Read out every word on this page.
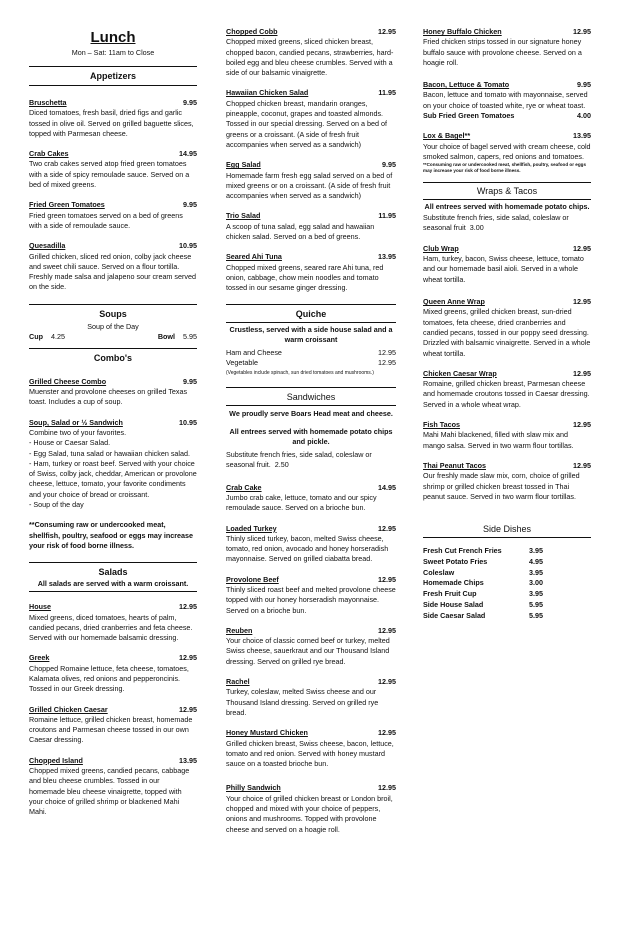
Lunch
Mon – Sat: 11am to Close
Appetizers
Bruschetta	9.95
Diced tomatoes, fresh basil, dried figs and garlic tossed in olive oil. Served on grilled baguette slices, topped with Parmesan cheese.
Crab Cakes	14.95
Two crab cakes served atop fried green tomatoes with a side of spicy remoulade sauce. Served on a bed of mixed greens.
Fried Green Tomatoes	9.95
Fried green tomatoes served on a bed of greens with a side of remoulade sauce.
Quesadilla	10.95
Grilled chicken, sliced red onion, colby jack cheese and sweet chili sauce. Served on a flour tortilla. Freshly made salsa and jalapeno sour cream served on the side.
Soups
Soup of the Day
Cup 4.25	Bowl 5.95
Combo's
Grilled Cheese Combo	9.95
Muenster and provolone cheeses on grilled Texas toast. Includes a cup of soup.
Soup, Salad or ½ Sandwich	10.95
Combine two of your favorites.
- House or Caesar Salad.
- Egg Salad, tuna salad or hawaiian chicken salad.
- Ham, turkey or roast beef. Served with your choice of Swiss, colby jack, cheddar, American or provolone cheese, lettuce, tomato, your favorite condiments and your choice of bread or croissant.
- Soup of the day
**Consuming raw or undercooked meat, shellfish, poultry, seafood or eggs may increase your risk of food borne illness.
Salads
All salads are served with a warm croissant.
House	12.95
Mixed greens, diced tomatoes, hearts of palm, candied pecans, dried cranberries and feta cheese. Served with our homemade balsamic dressing.
Greek	12.95
Chopped Romaine lettuce, feta cheese, tomatoes, Kalamata olives, red onions and pepperoncinis. Tossed in our Greek dressing.
Grilled Chicken Caesar	12.95
Romaine lettuce, grilled chicken breast, homemade croutons and Parmesan cheese tossed in our own Caesar dressing.
Chopped Island	13.95
Chopped mixed greens, candied pecans, cabbage and bleu cheese crumbles. Tossed in our homemade bleu cheese vinaigrette, topped with your choice of grilled shrimp or blackened Mahi Mahi.
Chopped Cobb	12.95
Chopped mixed greens, sliced chicken breast, chopped bacon, candied pecans, strawberries, hard-boiled egg and bleu cheese crumbles. Served with a side of our balsamic vinaigrette.
Hawaiian Chicken Salad	11.95
Chopped chicken breast, mandarin oranges, pineapple, coconut, grapes and toasted almonds. Tossed in our special dressing. Served on a bed of greens or a croissant. (A side of fresh fruit accompanies when served as a sandwich)
Egg Salad	9.95
Homemade farm fresh egg salad served on a bed of mixed greens or on a croissant. (A side of fresh fruit accompanies when served as a sandwich)
Trio Salad	11.95
A scoop of tuna salad, egg salad and hawaiian chicken salad. Served on a bed of greens.
Seared Ahi Tuna	13.95
Chopped mixed greens, seared rare Ahi tuna, red onion, cabbage, chow mein noodles and tomato tossed in our sesame ginger dressing.
Quiche
Crustless, served with a side house salad and a warm croissant
Ham and Cheese	12.95
Vegetable	12.95
(Vegetables include spinach, sun dried tomatoes and mushrooms.)
Sandwiches
We proudly serve Boars Head meat and cheese.
All entrees served with homemade potato chips and pickle.
Substitute french fries, side salad, coleslaw or seasonal fruit. 2.50
Crab Cake	14.95
Jumbo crab cake, lettuce, tomato and our spicy remoulade sauce. Served on a brioche bun.
Loaded Turkey	12.95
Thinly sliced turkey, bacon, melted Swiss cheese, tomato, red onion, avocado and honey horseradish mayonnaise. Served on grilled ciabatta bread.
Provolone Beef	12.95
Thinly sliced roast beef and melted provolone cheese topped with our honey horseradish mayonnaise. Served on a brioche bun.
Reuben	12.95
Your choice of classic corned beef or turkey, melted Swiss cheese, sauerkraut and our Thousand Island dressing. Served on grilled rye bread.
Rachel	12.95
Turkey, coleslaw, melted Swiss cheese and our Thousand Island dressing. Served on grilled rye bread.
Honey Mustard Chicken	12.95
Grilled chicken breast, Swiss cheese, bacon, lettuce, tomato and red onion. Served with honey mustard sauce on a toasted brioche bun.
Philly Sandwich	12.95
Your choice of grilled chicken breast or London broil, chopped and mixed with your choice of peppers, onions and mushrooms. Topped with provolone cheese and served on a hoagie roll.
Honey Buffalo Chicken	12.95
Fried chicken strips tossed in our signature honey buffalo sauce with provolone cheese. Served on a hoagie roll.
Bacon, Lettuce & Tomato	9.95
Bacon, lettuce and tomato with mayonnaise, served on your choice of toasted white, rye or wheat toast.
Sub Fried Green Tomatoes	4.00
Lox & Bagel**	13.95
Your choice of bagel served with cream cheese, cold smoked salmon, capers, red onions and tomatoes.
**Consuming raw or undercooked meat, shellfish, poultry, seafood or eggs may increase your risk of food borne illness.
Wraps & Tacos
All entrees served with homemade potato chips.
Substitute french fries, side salad, coleslaw or seasonal fruit 3.00
Club Wrap	12.95
Ham, turkey, bacon, Swiss cheese, lettuce, tomato and our homemade basil aioli. Served in a whole wheat tortilla.
Queen Anne Wrap	12.95
Mixed greens, grilled chicken breast, sun-dried tomatoes, feta cheese, dried cranberries and candied pecans, tossed in our poppy seed dressing. Drizzled with balsamic vinaigrette. Served in a whole wheat tortilla.
Chicken Caesar Wrap	12.95
Romaine, grilled chicken breast, Parmesan cheese and homemade croutons tossed in Caesar dressing. Served in a whole wheat wrap.
Fish Tacos	12.95
Mahi Mahi blackened, filled with slaw mix and mango salsa. Served in two warm flour tortillas.
Thai Peanut Tacos	12.95
Our freshly made slaw mix, corn, choice of grilled shrimp or grilled chicken breast tossed in Thai peanut sauce. Served in two warm flour tortillas.
Side Dishes
Fresh Cut French Fries	3.95
Sweet Potato Fries	4.95
Coleslaw	3.95
Homemade Chips	3.00
Fresh Fruit Cup	3.95
Side House Salad	5.95
Side Caesar Salad	5.95
